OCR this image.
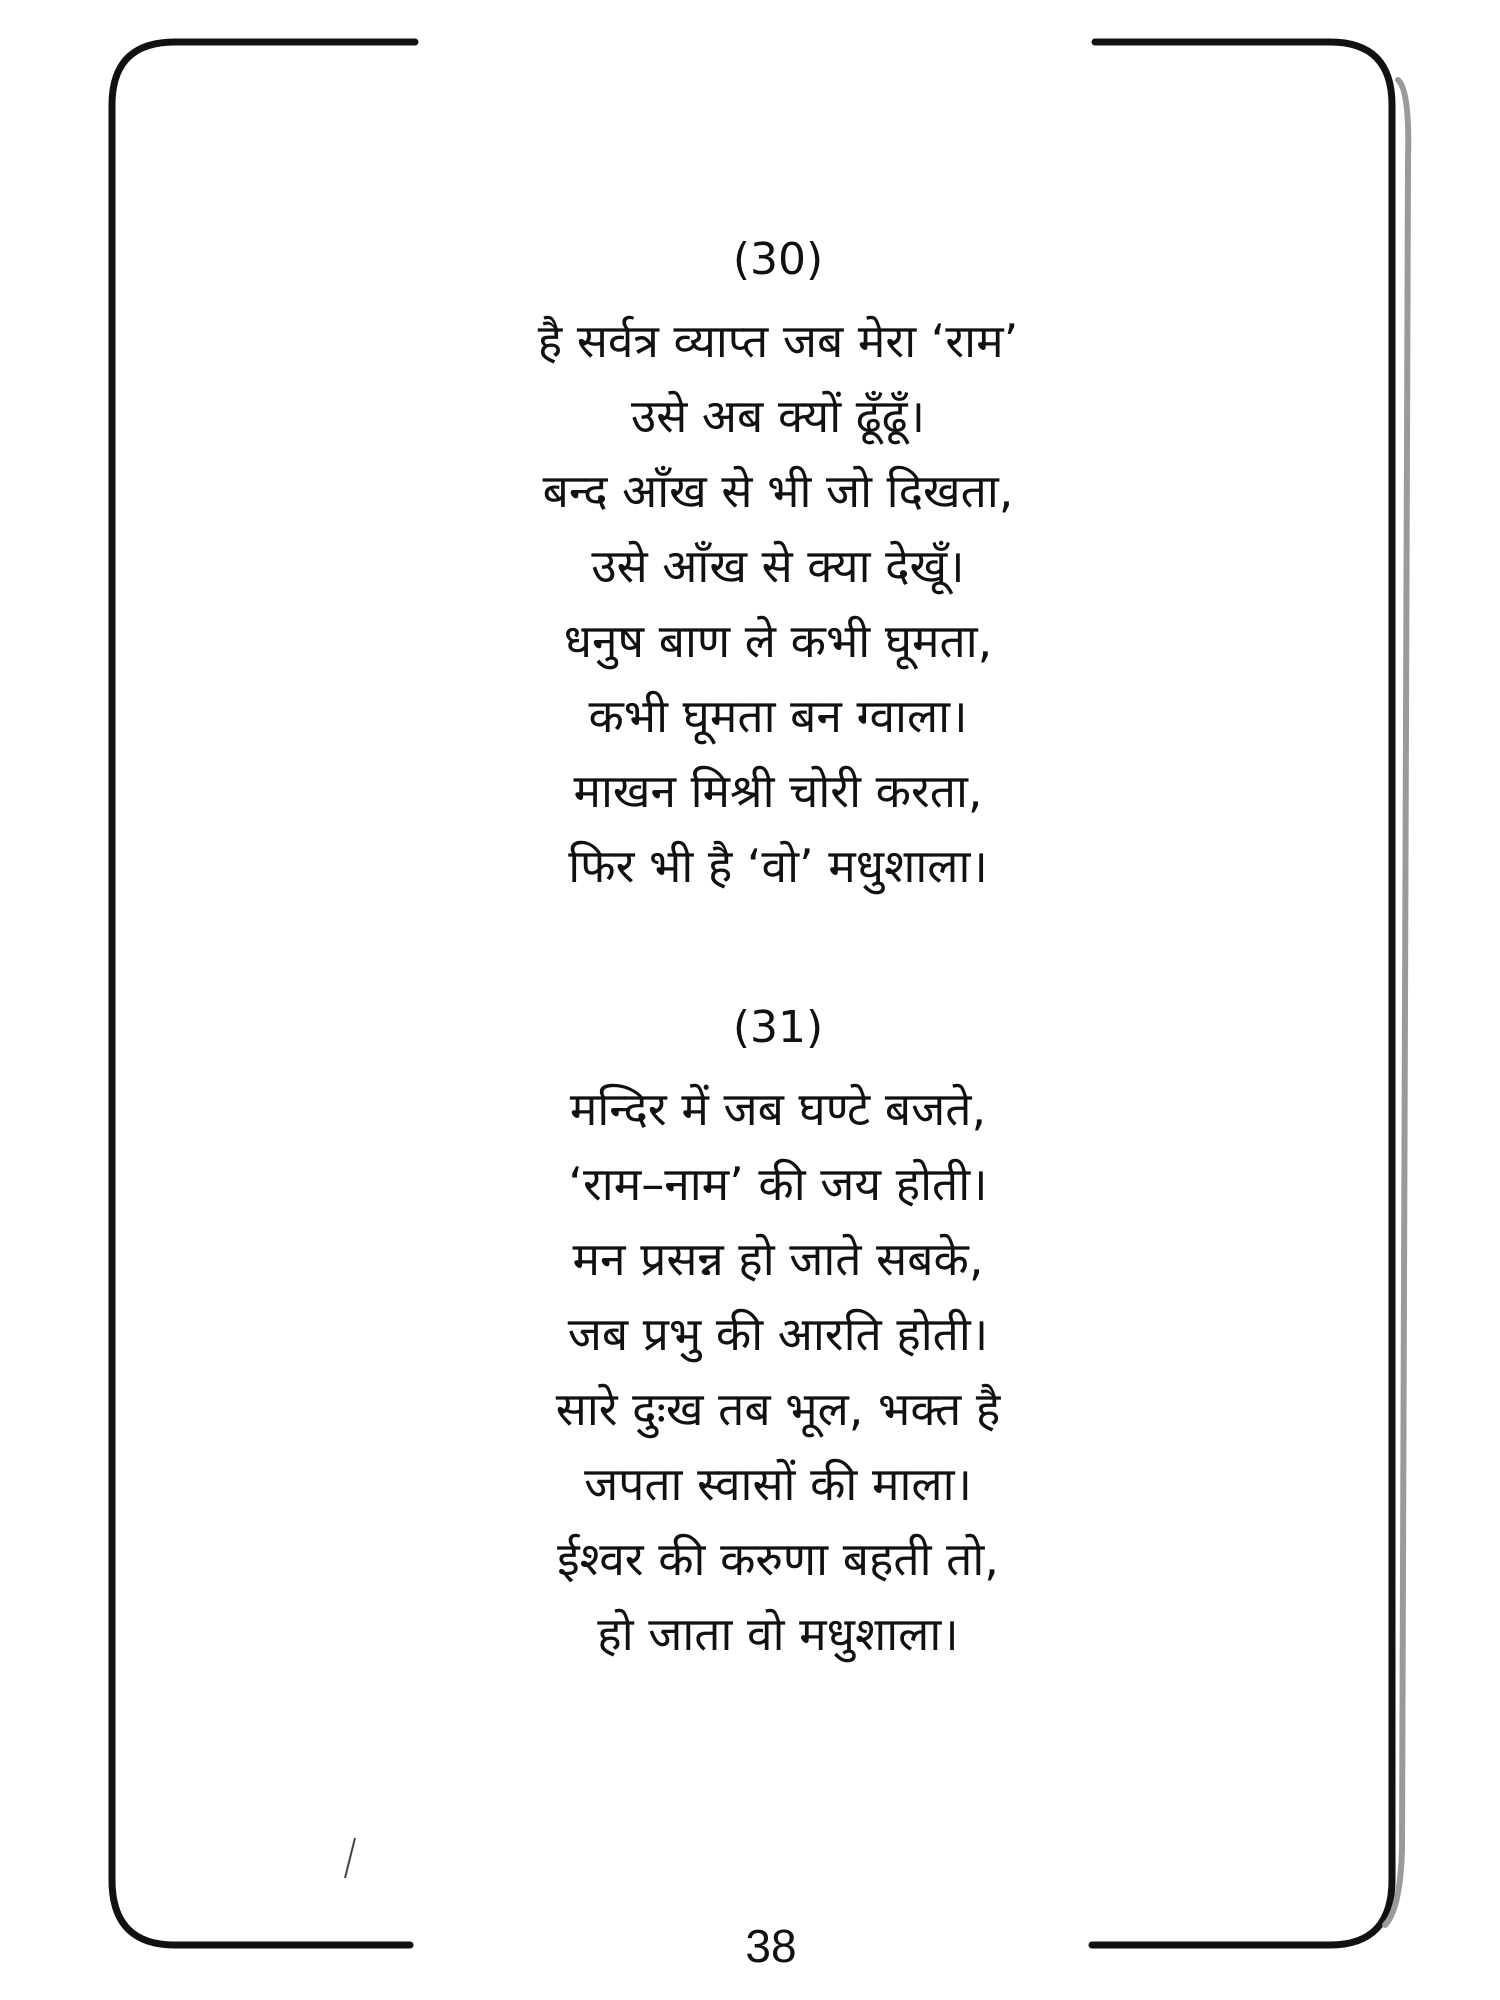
(30)
है सर्वत्र व्याप्त जब मेरा ‘राम’
उसे अब क्यों ढूँढूँ।
बन्द आँख से भी जो दिखता,
उसे आँख से क्या देखूँ।
धनुष बाण ले कभी घूमता,
कभी घूमता बन ग्वाला।
माखन मिश्री चोरी करता,
फिर भी है ‘वो’ मधुशाला।
(31)
मन्दिर में जब घण्टे बजते,
‘राम–नाम’ की जय होती।
मन प्रसन्न हो जाते सबके,
जब प्रभु की आरति होती।
सारे दुःख तब भूल, भक्त है
जपता स्वासों की माला।
ईश्वर की करुणा बहती तो,
हो जाता वो मधुशाला।
38
